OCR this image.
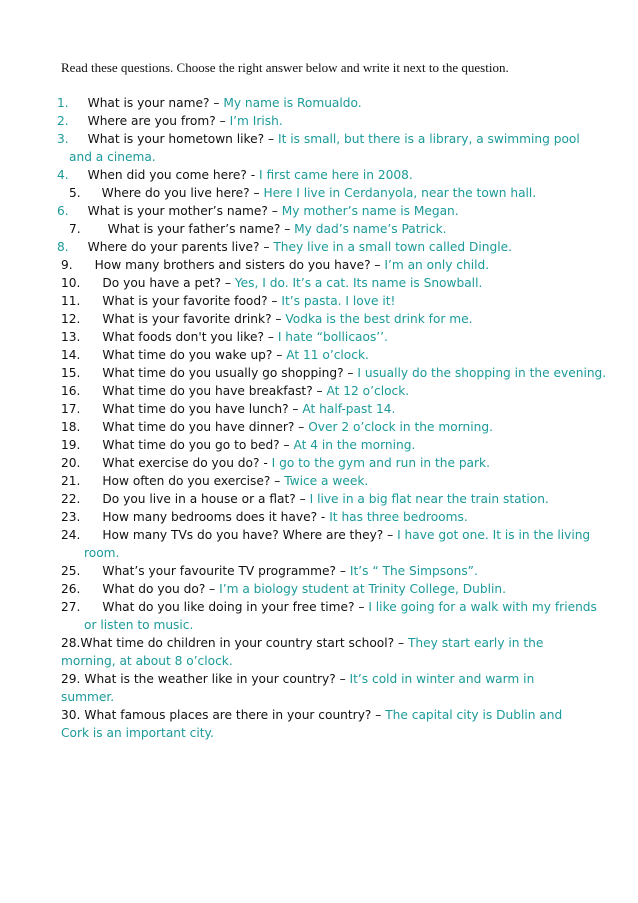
Read these questions. Choose the right answer below and write it next to the question.

1. What is your name? – My name is Romualdo.
2. Where are you from? – I’m Irish.
3. What is your hometown like? – It is small, but there is a library, a swimming pool
and a cinema.
4. When did you come here? - I first came here in 2008.
5. Where do you live here? – Here I live in Cerdanyola, near the town hall.
6. What is your mother’s name? – My mother’s name is Megan.
7. What is your father’s name? – My dad’s name’s Patrick.
8. Where do your parents live? – They live in a small town called Dingle.
9. How many brothers and sisters do you have? – I’m an only child.
10. Do you have a pet? – Yes, I do. It’s a cat. Its name is Snowball.
11. What is your favorite food? – It’s pasta. I love it!
12. What is your favorite drink? – Vodka is the best drink for me.
13. What foods don't you like? – I hate “bollicaos’’.
14. What time do you wake up? – At 11 o’clock.
15. What time do you usually go shopping? – I usually do the shopping in the evening.
16. What time do you have breakfast? – At 12 o’clock.
17. What time do you have lunch? – At half-past 14.
18. What time do you have dinner? – Over 2 o’clock in the morning.
19. What time do you go to bed? – At 4 in the morning.
20. What exercise do you do? - I go to the gym and run in the park.
21. How often do you exercise? – Twice a week.
22. Do you live in a house or a flat? – I live in a big flat near the train station.
23. How many bedrooms does it have? - It has three bedrooms.
24. How many TVs do you have? Where are they? – I have got one. It is in the living
room.
25. What’s your favourite TV programme? – It’s “ The Simpsons”.
26. What do you do? – I’m a biology student at Trinity College, Dublin.
27. What do you like doing in your free time? – I like going for a walk with my friends
or listen to music.
28.What time do children in your country start school? – They start early in the
morning, at about 8 o’clock.
29. What is the weather like in your country? – It’s cold in winter and warm in
summer.
30. What famous places are there in your country? – The capital city is Dublin and
Cork is an important city.
